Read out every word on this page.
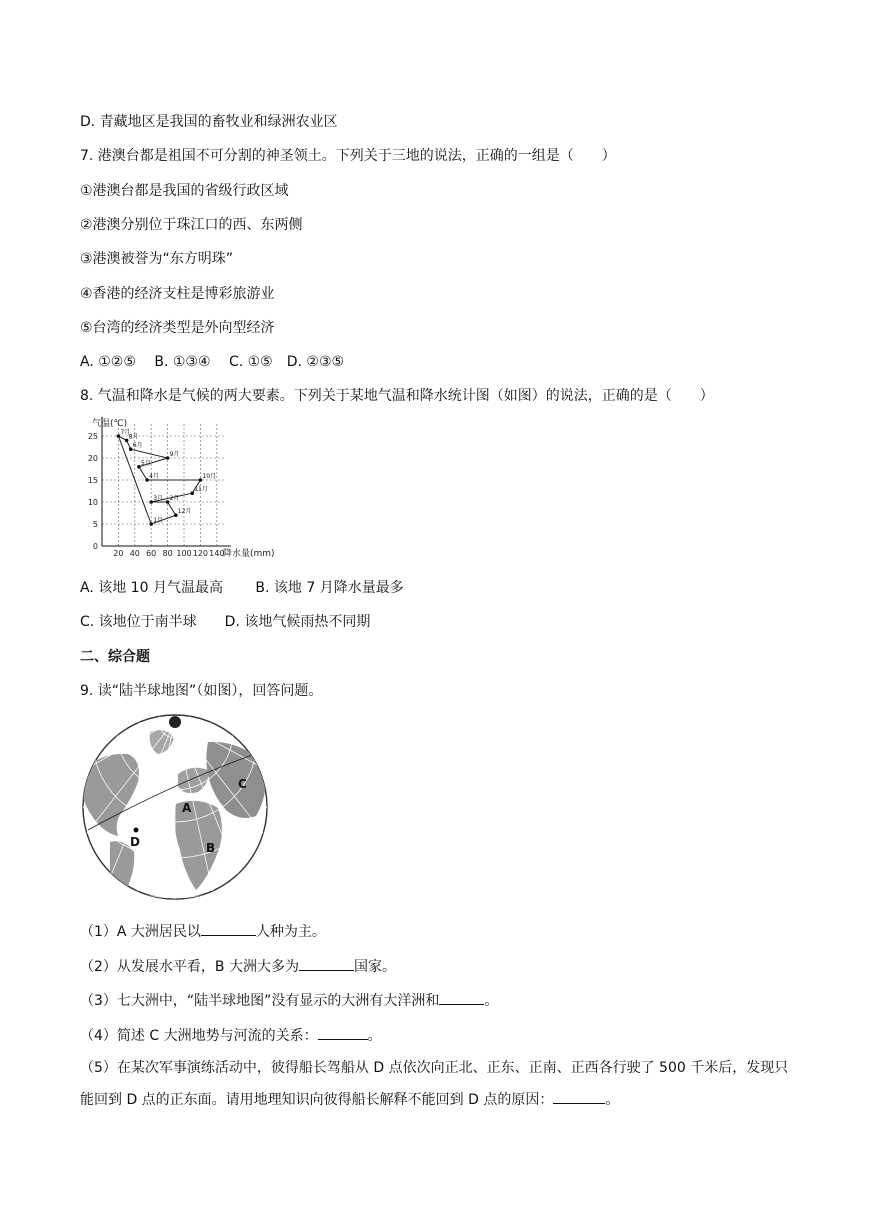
D. 青藏地区是我国的畜牧业和绿洲农业区
7. 港澳台都是祖国不可分割的神圣领土。下列关于三地的说法，正确的一组是（　　）
①港澳台都是我国的省级行政区域
②港澳分别位于珠江口的西、东两侧
③港澳被誉为“东方明珠”
④香港的经济支柱是博彩旅游业
⑤台湾的经济类型是外向型经济
A. ①②⑤　 B. ①③④　 C. ①⑤　D. ②③⑤
8. 气温和降水是气候的两大要素。下列关于某地气温和降水统计图（如图）的说法，正确的是（　　）
20 40 60 80 100 120 140
0
5
10
15
20
25	7月
8月
6月
9月
5月
4月	10月
11月
3月 2月
12月
1月
气温(℃)
降水量(mm)
A. 该地 10 月气温最高　　 B. 该地 7 月降水量最多
C. 该地位于南半球　　D. 该地气候雨热不同期
二、综合题
9. 读“陆半球地图”（如图），回答问题。
A
B
C
D
（1）A 大洲居民以	人种为主。
（2）从发展水平看，B 大洲大多为	国家。
（3）七大洲中，“陆半球地图”没有显示的大洲有大洋洲和	。
（4）简述 C 大洲地势与河流的关系：	。
（5）在某次军事演练活动中，彼得船长驾船从 D 点依次向正北、正东、正南、正西各行驶了 500 千米后，发现只能回到 D 点的正东面。请用地理知识向彼得船长解释不能回到 D 点的原因：	。
